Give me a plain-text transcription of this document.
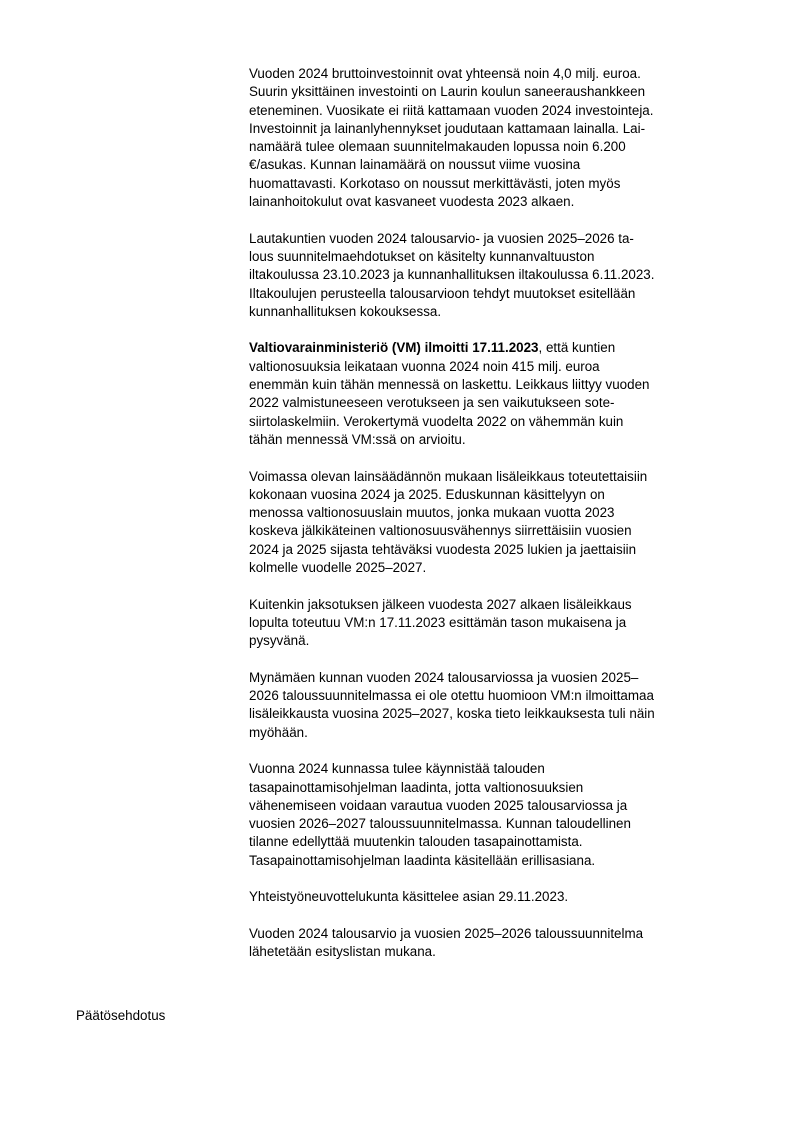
Vuoden 2024 bruttoinvestoinnit ovat yhteensä noin 4,0 milj. euroa.
Suurin yksittäinen investointi on Laurin koulun saneeraushankkeen
eteneminen. Vuosikate ei riitä kattamaan vuoden 2024 investointeja.
Investoinnit ja lainanlyhennykset joudutaan kattamaan lainalla. Lai-
namäärä tulee olemaan suunnitelmakauden lopussa noin 6.200
€/asukas. Kunnan lainamäärä on noussut viime vuosina
huomattavasti. Korkotaso on noussut merkittävästi, joten myös
lainanhoitokulut ovat kasvaneet vuodesta 2023 alkaen.

Lautakuntien vuoden 2024 talousarvio- ja vuosien 2025–2026 ta-
lous suunnitelmaehdotukset on käsitelty kunnanvaltuuston
iltakoulussa 23.10.2023 ja kunnanhallituksen iltakoulussa 6.11.2023.
Iltakoulujen perusteella talousarvioon tehdyt muutokset esitellään
kunnanhallituksen kokouksessa.

Valtiovarainministeriö (VM) ilmoitti 17.11.2023, että kuntien
valtionosuuksia leikataan vuonna 2024 noin 415 milj. euroa
enemmän kuin tähän mennessä on laskettu. Leikkaus liittyy vuoden
2022 valmistuneeseen verotukseen ja sen vaikutukseen sote-
siirtolaskelmiin. Verokertymä vuodelta 2022 on vähemmän kuin
tähän mennessä VM:ssä on arvioitu.

Voimassa olevan lainsäädännön mukaan lisäleikkaus toteutettaisiin
kokonaan vuosina 2024 ja 2025. Eduskunnan käsittelyyn on
menossa valtionosuuslain muutos, jonka mukaan vuotta 2023
koskeva jälkikäteinen valtionosuusvähennys siirrettäisiin vuosien
2024 ja 2025 sijasta tehtäväksi vuodesta 2025 lukien ja jaettaisiin
kolmelle vuodelle 2025–2027.

Kuitenkin jaksotuksen jälkeen vuodesta 2027 alkaen lisäleikkaus
lopulta toteutuu VM:n 17.11.2023 esittämän tason mukaisena ja
pysyvänä.

Mynämäen kunnan vuoden 2024 talousarviossa ja vuosien 2025–
2026 taloussuunnitelmassa ei ole otettu huomioon VM:n ilmoittamaa
lisäleikkausta vuosina 2025–2027, koska tieto leikkauksesta tuli näin
myöhään.

Vuonna 2024 kunnassa tulee käynnistää talouden
tasapainottamisohjelman laadinta, jotta valtionosuuksien
vähenemiseen voidaan varautua vuoden 2025 talousarviossa ja
vuosien 2026–2027 taloussuunnitelmassa. Kunnan taloudellinen
tilanne edellyttää muutenkin talouden tasapainottamista.
Tasapainottamisohjelman laadinta käsitellään erillisasiana.

Yhteistyöneuvottelukunta käsittelee asian 29.11.2023.

Vuoden 2024 talousarvio ja vuosien 2025–2026 taloussuunnitelma
lähetetään esityslistan mukana.

Päätösehdotus
